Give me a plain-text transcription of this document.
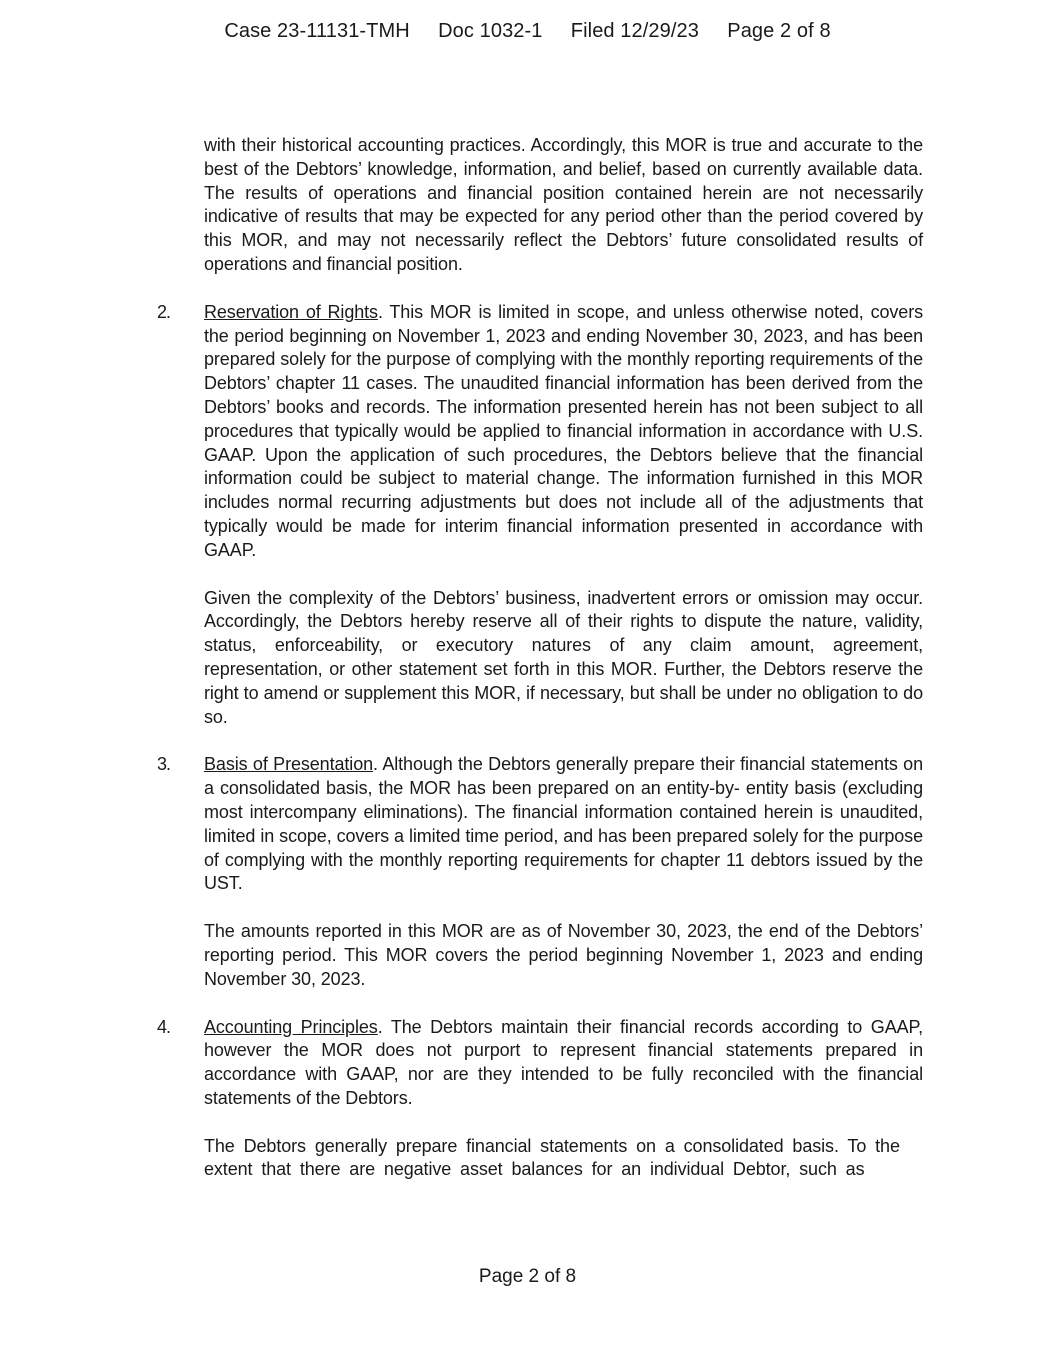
Case 23-11131-TMH Doc 1032-1 Filed 12/29/23 Page 2 of 8

with their historical accounting practices. Accordingly, this MOR is true and accurate to the best of the Debtors’ knowledge, information, and belief, based on currently available data. The results of operations and financial position contained herein are not necessarily indicative of results that may be expected for any period other than the period covered by this MOR, and may not necessarily reflect the Debtors’ future consolidated results of operations and financial position.

2. Reservation of Rights. This MOR is limited in scope, and unless otherwise noted, covers the period beginning on November 1, 2023 and ending November 30, 2023, and has been prepared solely for the purpose of complying with the monthly reporting requirements of the Debtors’ chapter 11 cases. The unaudited financial information has been derived from the Debtors’ books and records. The information presented herein has not been subject to all procedures that typically would be applied to financial information in accordance with U.S. GAAP. Upon the application of such procedures, the Debtors believe that the financial information could be subject to material change. The information furnished in this MOR includes normal recurring adjustments but does not include all of the adjustments that typically would be made for interim financial information presented in accordance with GAAP.

Given the complexity of the Debtors’ business, inadvertent errors or omission may occur. Accordingly, the Debtors hereby reserve all of their rights to dispute the nature, validity, status, enforceability, or executory natures of any claim amount, agreement, representation, or other statement set forth in this MOR. Further, the Debtors reserve the right to amend or supplement this MOR, if necessary, but shall be under no obligation to do so.

3. Basis of Presentation. Although the Debtors generally prepare their financial statements on a consolidated basis, the MOR has been prepared on an entity-by- entity basis (excluding most intercompany eliminations). The financial information contained herein is unaudited, limited in scope, covers a limited time period, and has been prepared solely for the purpose of complying with the monthly reporting requirements for chapter 11 debtors issued by the UST.

The amounts reported in this MOR are as of November 30, 2023, the end of the Debtors’ reporting period. This MOR covers the period beginning November 1, 2023 and ending November 30, 2023.

4. Accounting Principles. The Debtors maintain their financial records according to GAAP, however the MOR does not purport to represent financial statements prepared in accordance with GAAP, nor are they intended to be fully reconciled with the financial statements of the Debtors.

The Debtors generally prepare financial statements on a consolidated basis. To the extent that there are negative asset balances for an individual Debtor, such as

Page 2 of 8
